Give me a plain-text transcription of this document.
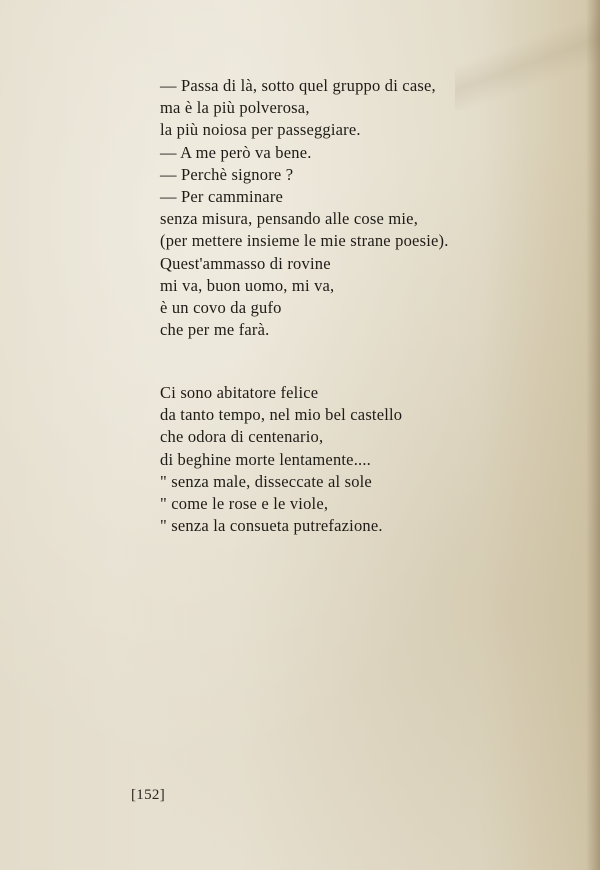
— Passa di là, sotto quel gruppo di case,
ma è la più polverosa,
la più noiosa per passeggiare.
— A me però va bene.
— Perchè signore ?
— Per camminare
senza misura, pensando alle cose mie,
(per mettere insieme le mie strane poesie).
Quest'ammasso di rovine
mi va, buon uomo, mi va,
è un covo da gufo
che per me farà.
Ci sono abitatore felice
da tanto tempo, nel mio bel castello
che odora di centenario,
di beghine morte lentamente....
" senza male, disseccate al sole
" come le rose e le viole,
" senza la consueta putrefazione.
[152]
